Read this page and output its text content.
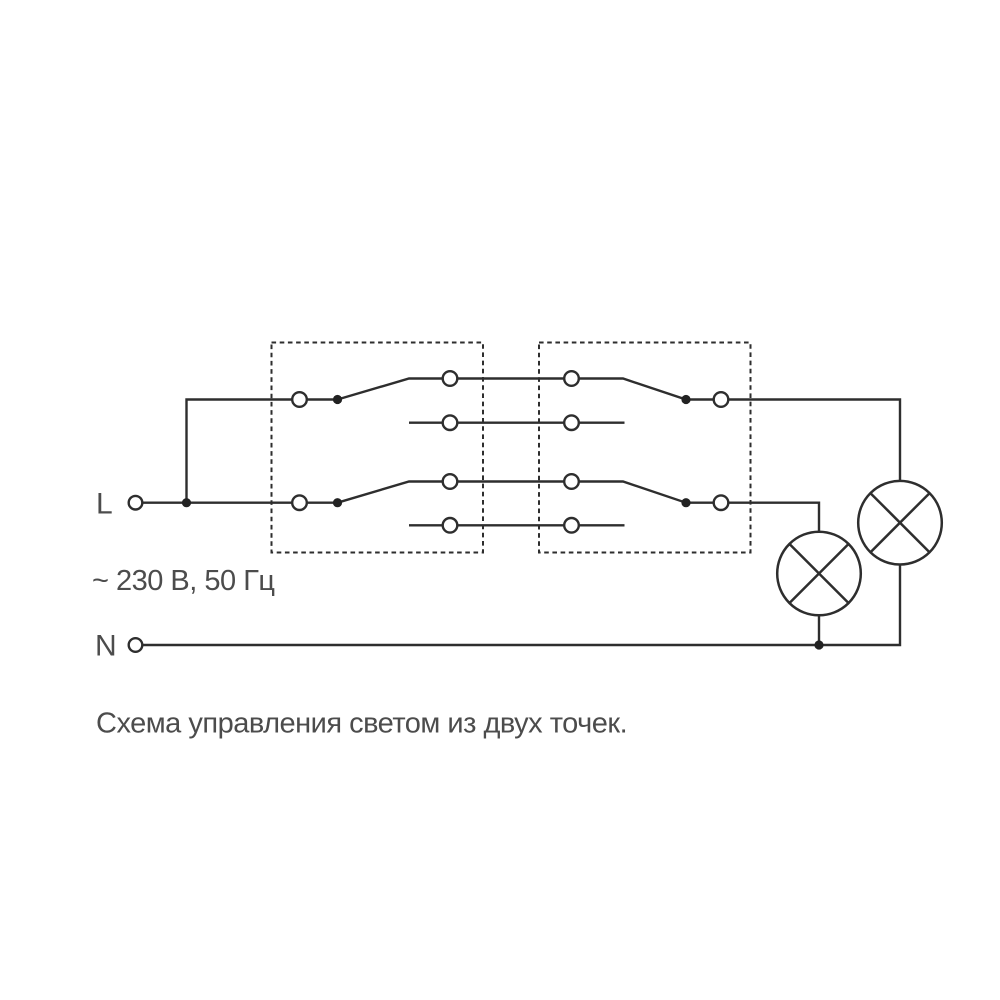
L
N
~ 230 В, 50 Гц
Схема управления светом из двух точек.
